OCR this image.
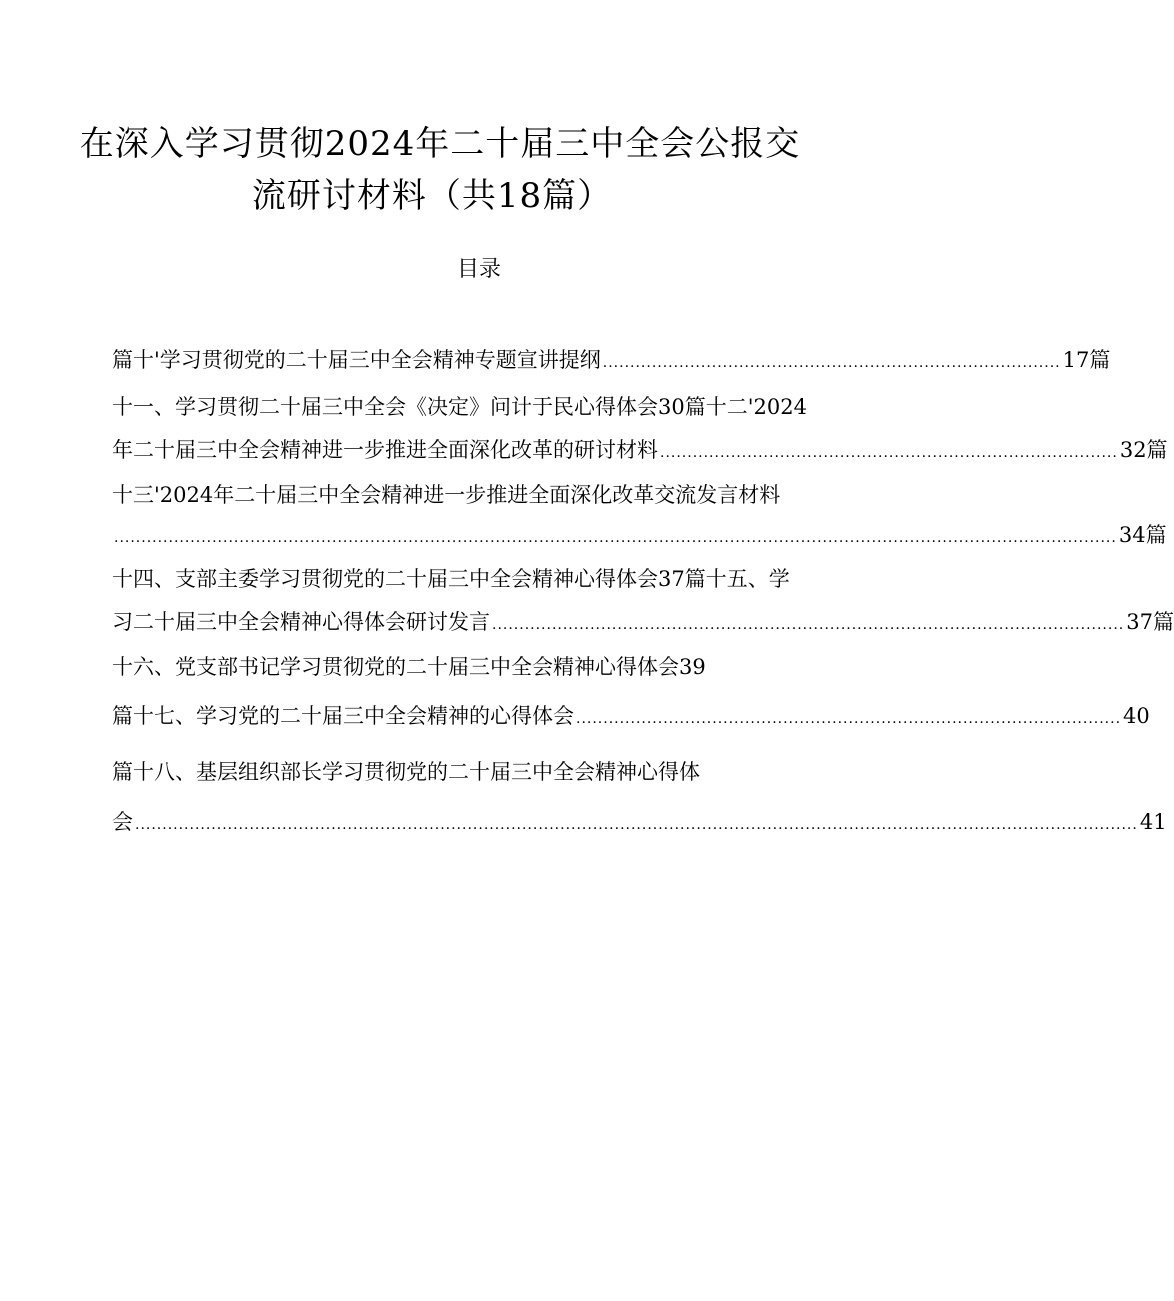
在深入学习贯彻2024年二十届三中全会公报交
流研讨材料（共18篇）
目录
篇十'学习贯彻党的二十届三中全会精神专题宣讲提纲 .................................................................................... 17篇
十一、学习贯彻二十届三中全会《决定》问计于民心得体会30篇十二'2024
年二十届三中全会精神进一步推进全面深化改革的研讨材料 .................................................................................... 32篇
十三'2024年二十届三中全会精神进一步推进全面深化改革交流发言材料
........................................................................................................................................................................................ 34篇
十四、支部主委学习贯彻党的二十届三中全会精神心得体会37篇十五、学
习二十届三中全会精神心得体会研讨发言 .................................................................................................................... 37篇
十六、党支部书记学习贯彻党的二十届三中全会精神心得体会39
篇十七、学习党的二十届三中全会精神的心得体会 .................................................................................................... 40
篇十八、基层组织部长学习贯彻党的二十届三中全会精神心得体
会 ........................................................................................................................................................................................ 41
